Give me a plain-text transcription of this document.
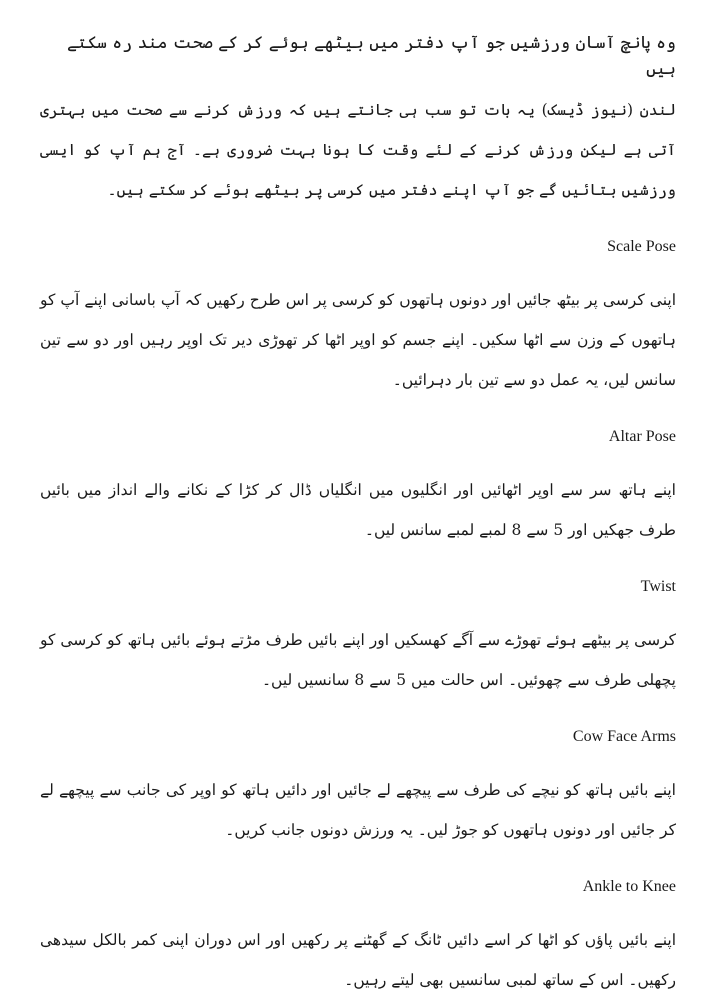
وہ پانچ آسان ورزشیں جو آپ دفتر میں بیٹھے ہوئے کر کے صحت مند رہ سکتے ہیں

لندن (نیوز ڈیسک) یہ بات تو سب ہی جانتے ہیں کہ ورزش کرنے سے صحت میں بہتری آتی ہے لیکن ورزش کرنے کے لئے وقت کا ہونا بہت ضروری ہے۔ آج ہم آپ کو ایسی ورزشیں بتائیں گے جو آپ اپنے دفتر میں کرسی پر بیٹھے ہوئے کر سکتے ہیں۔

Scale Pose

اپنی کرسی پر بیٹھ جائیں اور دونوں ہاتھوں کو کرسی پر اس طرح رکھیں کہ آپ باسانی اپنے آپ کو ہاتھوں کے وزن سے اٹھا سکیں۔ اپنے جسم کو اوپر اٹھا کر تھوڑی دیر تک اوپر رہیں اور دو سے تین سانس لیں، یہ عمل دو سے تین بار دہرائیں۔

Altar Pose

اپنے ہاتھ سر سے اوپر اٹھائیں اور انگلیوں میں انگلیاں ڈال کر کڑا کے نکانے والے انداز میں بائیں طرف جھکیں اور 5 سے 8 لمبے لمبے سانس لیں۔

Twist

کرسی پر بیٹھے ہوئے تھوڑے سے آگے کھسکیں اور اپنے بائیں طرف مڑتے ہوئے بائیں ہاتھ کو کرسی کو پچھلی طرف سے چھوئیں۔ اس حالت میں 5 سے 8 سانسیں لیں۔

Cow Face Arms

اپنے بائیں ہاتھ کو نیچے کی طرف سے پیچھے لے جائیں اور دائیں ہاتھ کو اوپر کی جانب سے پیچھے لے کر جائیں اور دونوں ہاتھوں کو جوڑ لیں۔ یہ ورزش دونوں جانب کریں۔

Ankle to Knee

اپنے بائیں پاؤں کو اٹھا کر اسے دائیں ٹانگ کے گھٹنے پر رکھیں اور اس دوران اپنی کمر بالکل سیدھی رکھیں۔ اس کے ساتھ لمبی سانسیں بھی لیتے رہیں۔
